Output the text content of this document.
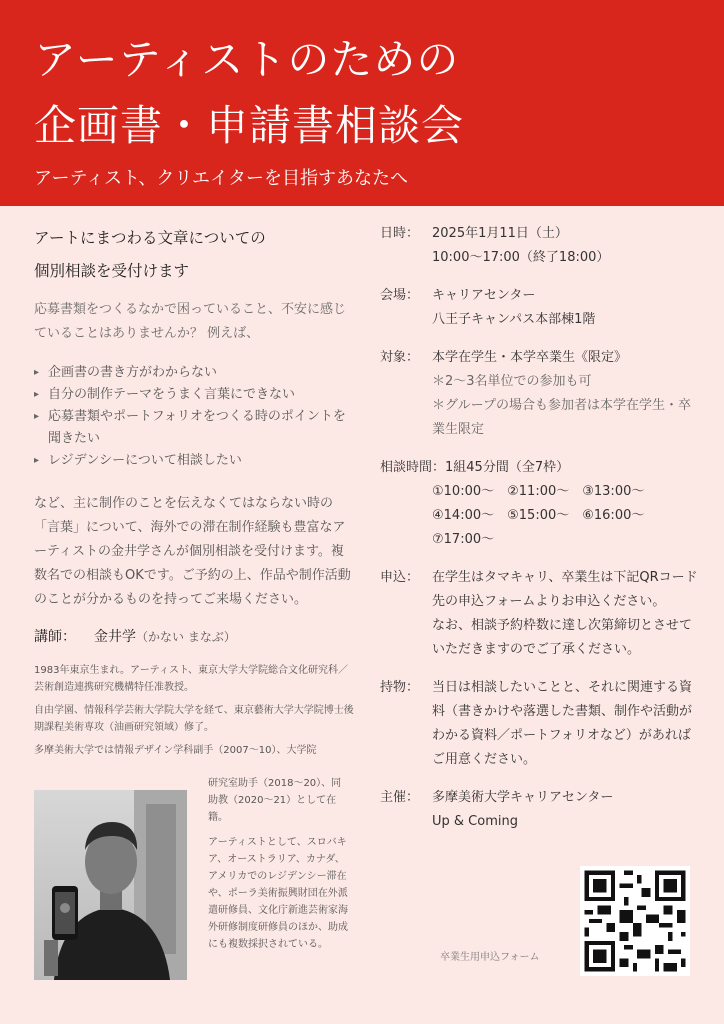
アーティストのための
企画書・申請書相談会
アーティスト、クリエイターを目指すあなたへ
アートにまつわる文章についての
個別相談を受付けます
応募書類をつくるなかで困っていること、不安に感じていることはありませんか？ 例えば、
▸ 企画書の書き方がわからない
▸ 自分の制作テーマをうまく言葉にできない
▸ 応募書類やポートフォリオをつくる時のポイントを聞きたい
▸ レジデンシーについて相談したい
など、主に制作のことを伝えなくてはならない時の「言葉」について、海外での滞在制作経験も豊富なアーティストの金井学さんが個別相談を受付けます。複数名での相談もOKです。ご予約の上、作品や制作活動のことが分かるものを持ってご来場ください。
講師： 金井学（かない まなぶ）

1983年東京生まれ。アーティスト、東京大学大学院総合文化研究科／芸術創造連携研究機構特任准教授。

自由学園、情報科学芸術大学院大学を経て、東京藝術大学大学院博士後期課程美術専攻（油画研究領域）修了。

多摩美術大学では情報デザイン学科副手（2007〜10）、大学院

研究室助手（2018〜20）、同助教（2020〜21）として在籍。

アーティストとして、スロバキア、オーストラリア、カナダ、アメリカでのレジデンシー滞在や、ポーラ美術振興財団在外派遣研修員、文化庁新進芸術家海外研修制度研修員のほか、助成にも複数採択されている。

日時： 2025年1月11日（土）
10:00〜17:00（終了18:00）
会場： キャリアセンター
八王子キャンパス本部棟1階
対象： 本学在学生・本学卒業生《限定》
＊2〜3名単位での参加も可
＊グループの場合も参加者は本学在学生・卒業生限定
相談時間：1組45分間（全7枠）
①10:00〜　②11:00〜　③13:00〜
④14:00〜　⑤15:00〜　⑥16:00〜
⑦17:00〜
申込： 在学生はタマキャリ、卒業生は下記QRコード先の申込フォームよりお申込ください。
なお、相談予約枠数に達し次第締切とさせていただきますのでご了承ください。
持物： 当日は相談したいことと、それに関連する資料（書きかけや落選した書類、制作や活動がわかる資料／ポートフォリオなど）があればご用意ください。
主催： 多摩美術大学キャリアセンター
Up & Coming
卒業生用申込フォーム
